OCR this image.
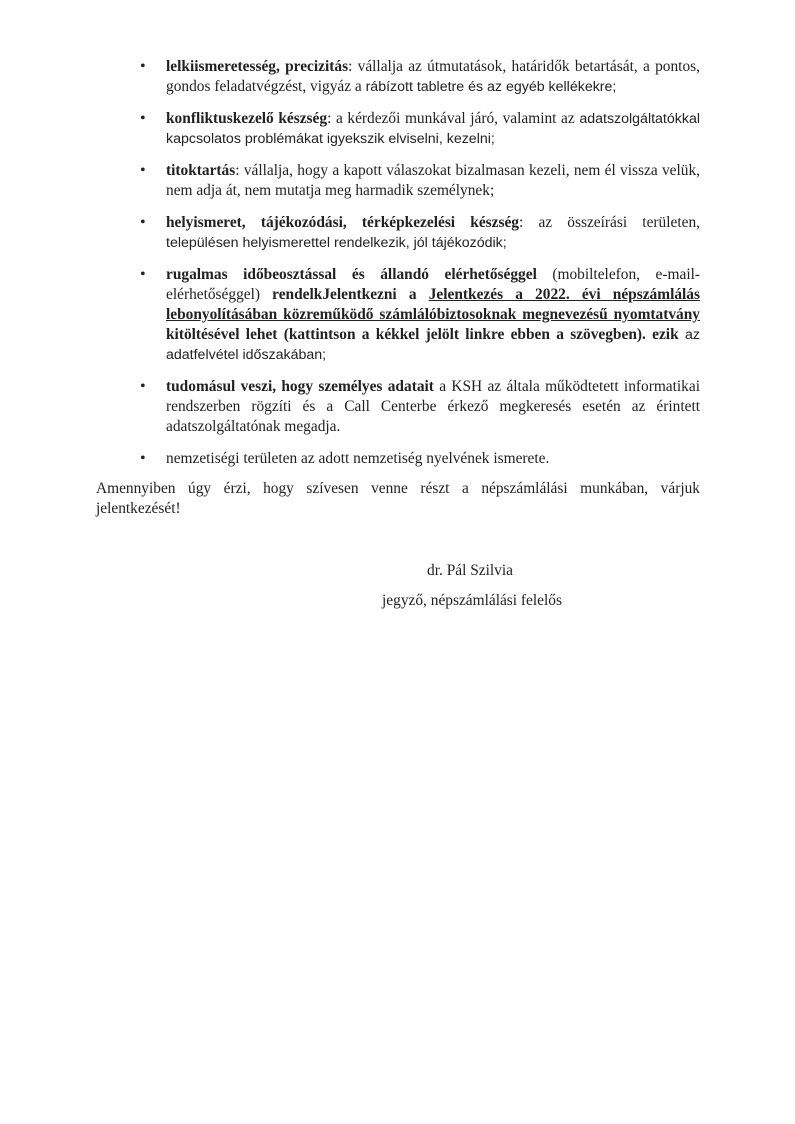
• lelkiismeretesség, precizitás: vállalja az útmutatások, határidők betartását, a pontos, gondos feladatvégzést, vigyáz a rábízott tabletre és az egyéb kellékekre;
• konfliktuskezelő készség: a kérdezői munkával járó, valamint az adatszolgáltatókkal kapcsolatos problémákat igyekszik elviselni, kezelni;
• titoktartás: vállalja, hogy a kapott válaszokat bizalmasan kezeli, nem él vissza velük, nem adja át, nem mutatja meg harmadik személynek;
• helyismeret, tájékozódási, térképkezelési készség: az összeírási területen, településen helyismerettel rendelkezik, jól tájékozódik;
• rugalmas időbeosztással és állandó elérhetőséggel (mobiltelefon, e-mail-elérhetőséggel) rendelkJelentkezni a Jelentkezés a 2022. évi népszámlálás lebonyolításában közreműködő számlálóbiztosoknak megnevezésű nyomtatvány kitöltésével lehet (kattintson a kékkel jelölt linkre ebben a szövegben). ezik az adatfelvétel időszakában;
• tudomásul veszi, hogy személyes adatait a KSH az általa működtetett informatikai rendszerben rögzíti és a Call Centerbe érkező megkeresés esetén az érintett adatszolgáltatónak megadja.
• nemzetiségi területen az adott nemzetiség nyelvének ismerete.

Amennyiben úgy érzi, hogy szívesen venne részt a népszámlálási munkában, várjuk jelentkezését!

dr. Pál Szilvia
jegyző, népszámlálási felelős
